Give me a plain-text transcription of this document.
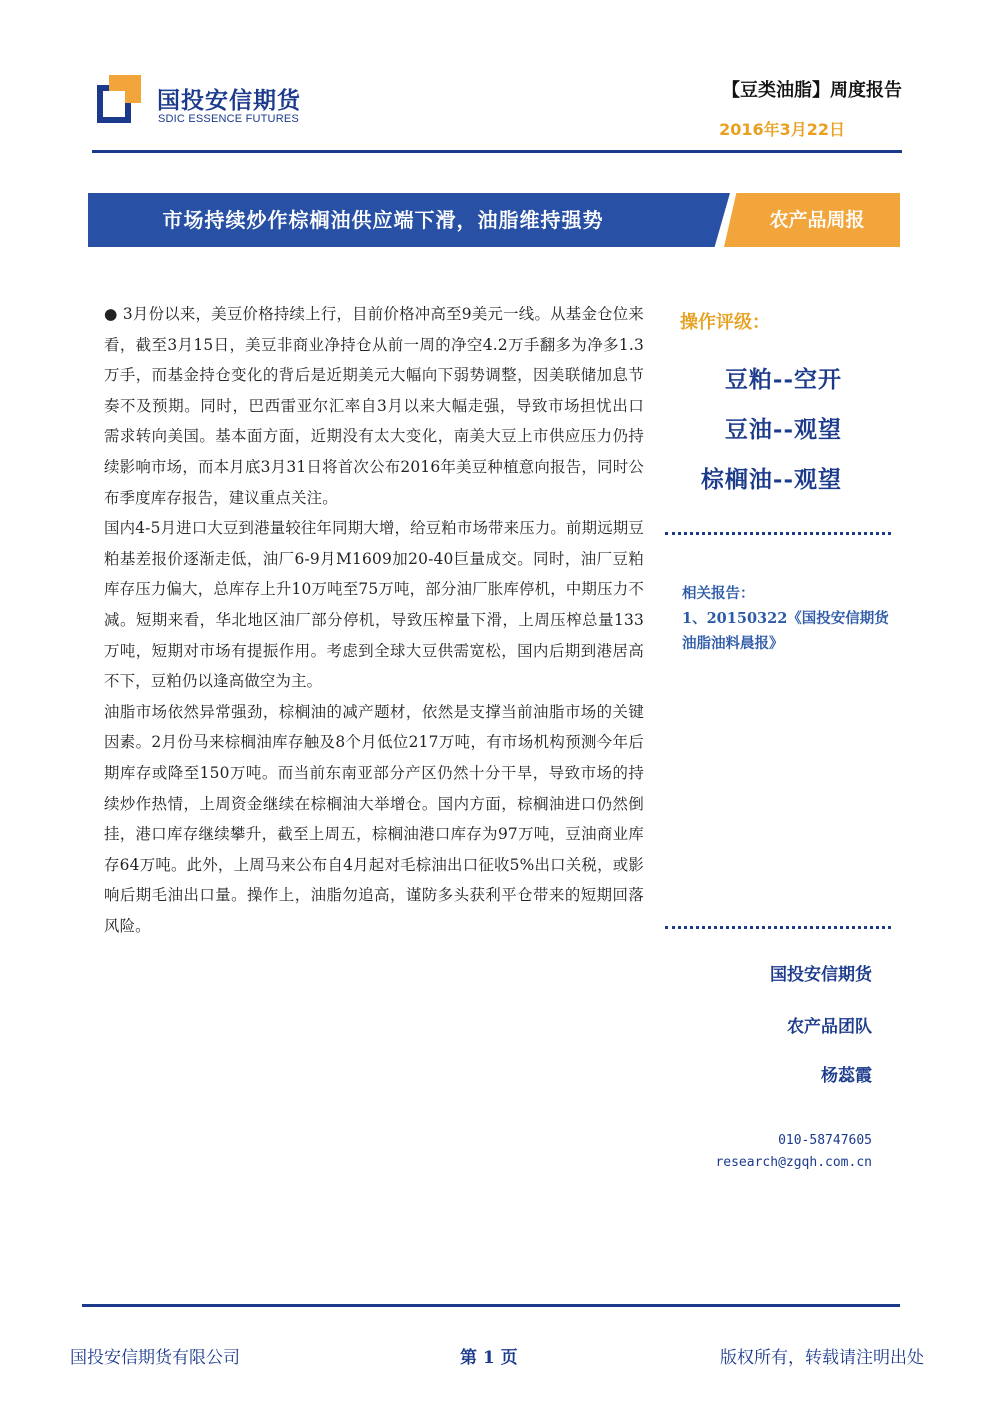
国投安信期货
SDIC ESSENCE FUTURES
【豆类油脂】周度报告
2016年3月22日
市场持续炒作棕榈油供应端下滑，油脂维持强势	农产品周报

● 3月份以来，美豆价格持续上行，目前价格冲高至9美元一线。从基金仓位来看，截至3月15日，美豆非商业净持仓从前一周的净空4.2万手翻多为净多1.3万手，而基金持仓变化的背后是近期美元大幅向下弱势调整，因美联储加息节奏不及预期。同时，巴西雷亚尔汇率自3月以来大幅走强，导致市场担忧出口需求转向美国。基本面方面，近期没有太大变化，南美大豆上市供应压力仍持续影响市场，而本月底3月31日将首次公布2016年美豆种植意向报告，同时公布季度库存报告，建议重点关注。

国内4-5月进口大豆到港量较往年同期大增，给豆粕市场带来压力。前期远期豆粕基差报价逐渐走低，油厂6-9月M1609加20-40巨量成交。同时，油厂豆粕库存压力偏大，总库存上升10万吨至75万吨，部分油厂胀库停机，中期压力不减。短期来看，华北地区油厂部分停机，导致压榨量下滑，上周压榨总量133万吨，短期对市场有提振作用。考虑到全球大豆供需宽松，国内后期到港居高不下，豆粕仍以逢高做空为主。

油脂市场依然异常强劲，棕榈油的减产题材，依然是支撑当前油脂市场的关键因素。2月份马来棕榈油库存触及8个月低位217万吨，有市场机构预测今年后期库存或降至150万吨。而当前东南亚部分产区仍然十分干旱，导致市场的持续炒作热情，上周资金继续在棕榈油大举增仓。国内方面，棕榈油进口仍然倒挂，港口库存继续攀升，截至上周五，棕榈油港口库存为97万吨，豆油商业库存64万吨。此外，上周马来公布自4月起对毛棕油出口征收5%出口关税，或影响后期毛油出口量。操作上，油脂勿追高，谨防多头获利平仓带来的短期回落风险。

操作评级：
豆粕--空开
豆油--观望
棕榈油--观望
相关报告：
1、20150322《国投安信期货油脂油料晨报》
国投安信期货
农产品团队
杨蕊霞
010-58747605
research@zgqh.com.cn
国投安信期货有限公司	第 1 页	版权所有，转载请注明出处
